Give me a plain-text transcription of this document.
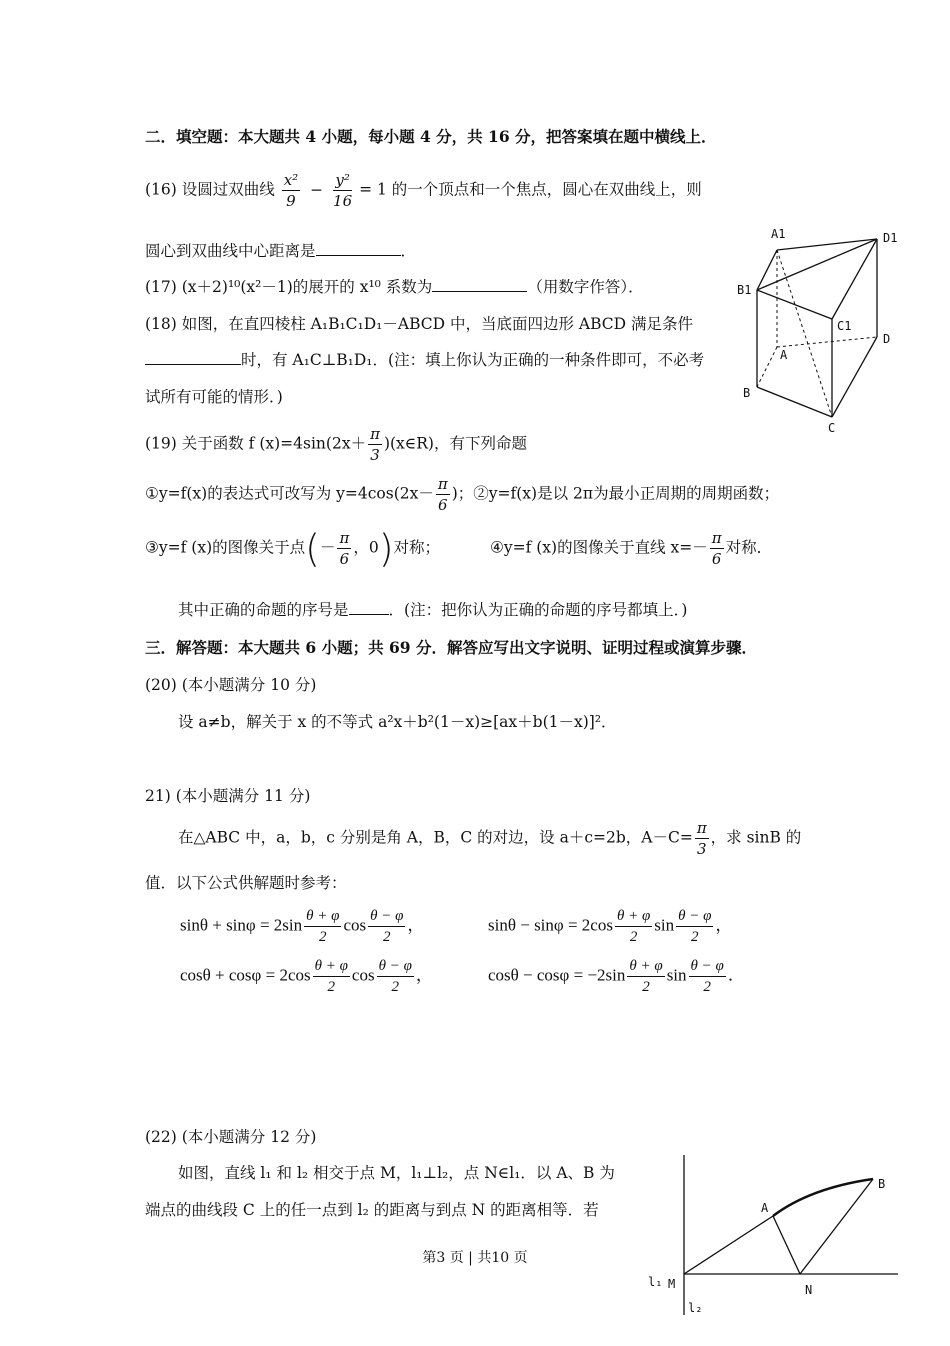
二．填空题：本大题共 4 小题，每小题 4 分，共 16 分，把答案填在题中横线上．
(16) 设圆过双曲线 $\frac{\text{x²}}{9} - \frac{\text{y²}}{16} = 1$ 的一个顶点和一个焦点，圆心在双曲线上，则
圆心到双曲线中心距离是	．
(17) (x＋2)¹⁰(x²－1)的展开的 x¹⁰ 系数为	（用数字作答）．
(18) 如图，在直四棱柱 A₁B₁C₁D₁－ABCD 中，当底面四边形 ABCD 满足条件
时，有 A₁C⊥B₁D₁．(注：填上你认为正确的一种条件即可，不必考
试所有可能的情形．)
A1	D1
B1
C1
A
D
B
C
(19) 关于函数 f $(x)=4\sin(2x+ \frac{\pi}{3}$ )(x∈R)，有下列命题
①y=f(x)的表达式可改写为 $y=4\cos(2x- \frac{\pi}{6}$ )；②y=f(x)是以 2π为最小正周期的周期函数；
③y=f (x)的图像关于点(－ $\frac{\pi}{6}$ ，0)对称；	④y=f (x)的图像关于直线 $x=- \frac{\pi}{6}$ 对称．
其中正确的命题的序号是	．(注：把你认为正确的命题的序号都填上．)
三．解答题：本大题共 6 小题；共 69 分．解答应写出文字说明、证明过程或演算步骤．
(20) (本小题满分 10 分)
设 a≠b，解关于 x 的不等式 a²x＋b²(1－x)≥[ax＋b(1－x)]²．
21) (本小题满分 11 分)
在△ABC 中，a，b，c 分别是角 A，B，C 的对边，设 a＋c=2b，$A-C= \frac{\pi}{3}$ ，求 sinB 的
值．以下公式供解题时参考：
$\sin\theta + \sin\varphi = 2\sin \frac{\theta + \varphi}{2}$ $\cos \frac{\theta - \varphi}{2}$ ，	$\sin\theta - \sin\varphi = 2\cos \frac{\theta + \varphi}{2}$ $\sin \frac{\theta - \varphi}{2}$ ，
$\cos\theta + \cos\varphi = 2\cos \frac{\theta + \varphi}{2}$ $\cos \frac{\theta - \varphi}{2}$ ，	$\cos\theta - \cos\varphi = -2\sin \frac{\theta + \varphi}{2}$ $\sin \frac{\theta - \varphi}{2}$ ．
(22) (本小题满分 12 分)
如图，直线 l₁ 和 l₂ 相交于点 M，l₁⊥l₂，点 N∈l₁．以 A、B 为
端点的曲线段 C 上的任一点到 l₂ 的距离与到点 N 的距离相等．若	A
B
M	N
l₁
l₂
第3 页 | 共10 页
